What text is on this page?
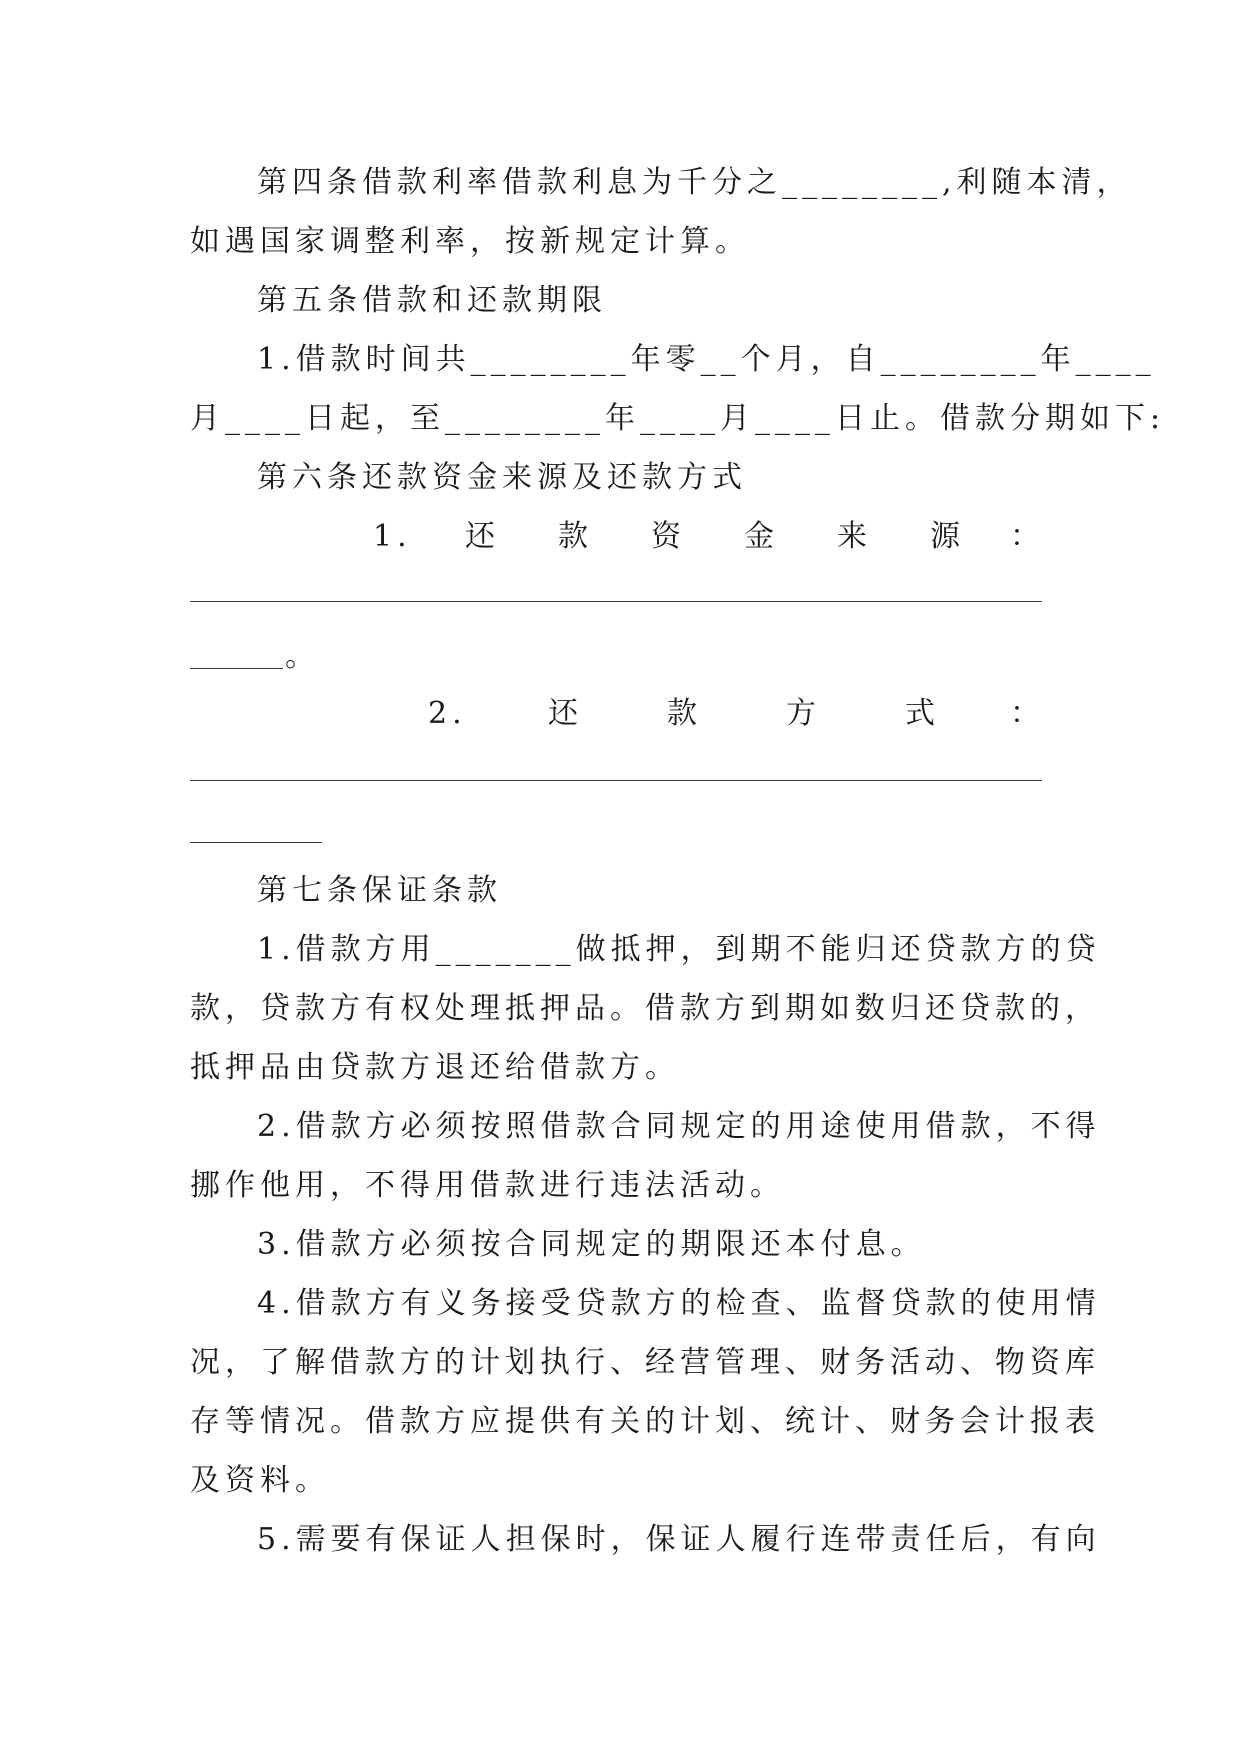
第四条借款利率借款利息为千分之________,利随本清，
如遇国家调整利率，按新规定计算。
第五条借款和还款期限
1.借款时间共________年零__个月，自________年____
月____日起，至________年____月____日止。借款分期如下:
第六条还款资金来源及还款方式
1. 还 款 资 金 来 源 ：
。
2.	还	款	方	式 ：
第七条保证条款
1.借款方用_______做抵押，到期不能归还贷款方的贷
款，贷款方有权处理抵押品。借款方到期如数归还贷款的，
抵押品由贷款方退还给借款方。
2.借款方必须按照借款合同规定的用途使用借款，不得
挪作他用，不得用借款进行违法活动。
3.借款方必须按合同规定的期限还本付息。
4.借款方有义务接受贷款方的检查、监督贷款的使用情
况，了解借款方的计划执行、经营管理、财务活动、物资库
存等情况。借款方应提供有关的计划、统计、财务会计报表
及资料。
5.需要有保证人担保时，保证人履行连带责任后，有向
